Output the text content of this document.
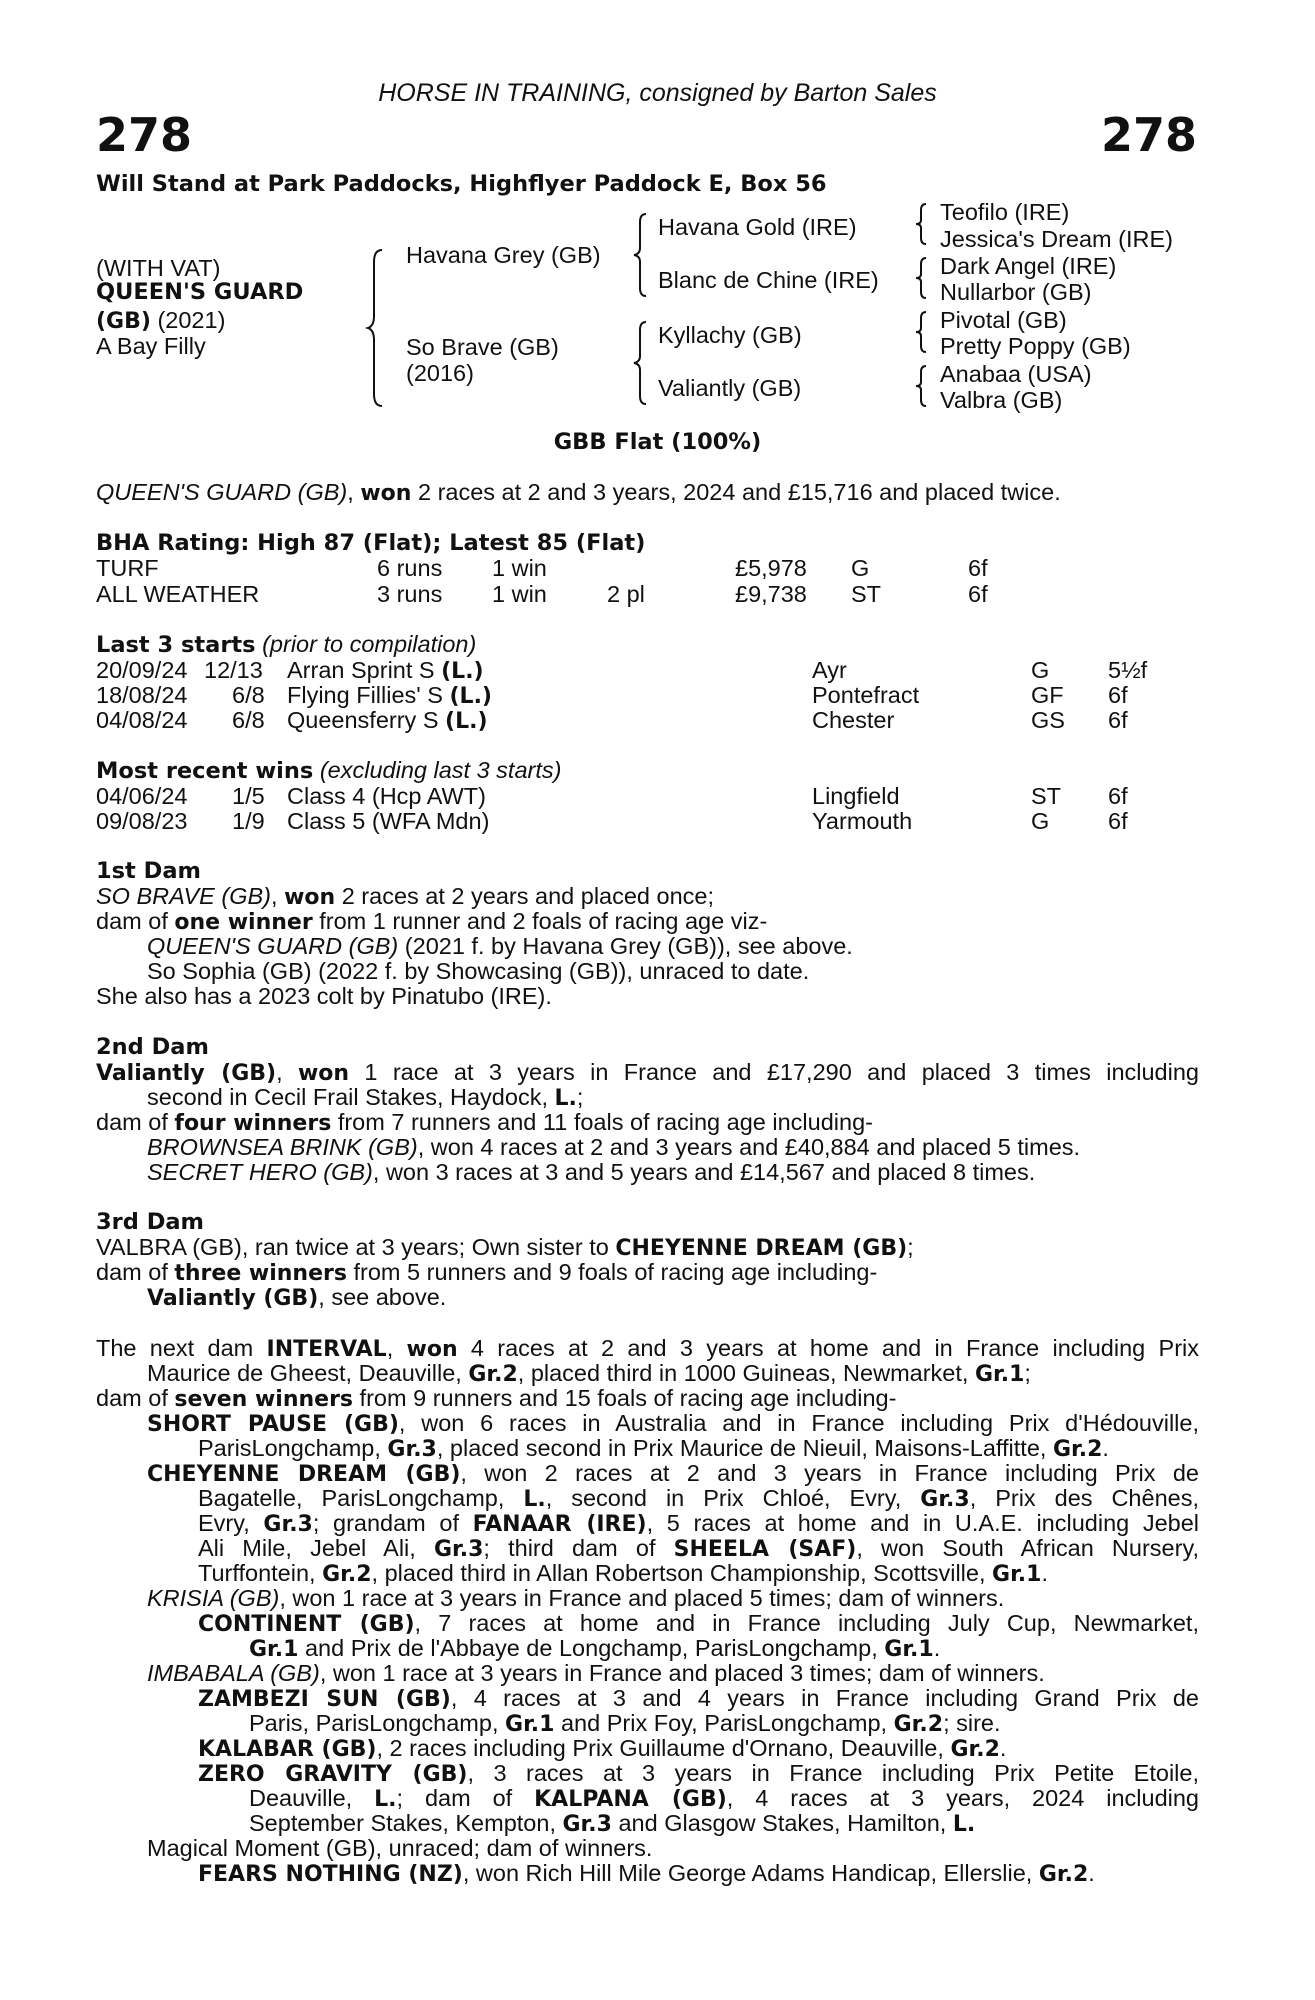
HORSE IN TRAINING, consigned by Barton Sales
278	278
Will Stand at Park Paddocks, Highflyer Paddock E, Box 56
(WITH VAT)
QUEEN'S GUARD
(GB) (2021)
A Bay Filly
Havana Grey (GB)
So Brave (GB)
(2016)
Havana Gold (IRE)
Blanc de Chine (IRE)
Kyllachy (GB)
Valiantly (GB)
Teofilo (IRE)
Jessica's Dream (IRE)
Dark Angel (IRE)
Nullarbor (GB)
Pivotal (GB)
Pretty Poppy (GB)
Anabaa (USA)
Valbra (GB)
GBB Flat (100%)
QUEEN'S GUARD (GB), won 2 races at 2 and 3 years, 2024 and £15,716 and placed twice.
BHA Rating: High 87 (Flat); Latest 85 (Flat)
TURF	6 runs 1 win	£5,978 G	6f
ALL WEATHER	3 runs 1 win	2 pl	£9,738 ST	6f
Last 3 starts (prior to compilation)
20/09/24 12/13 Arran Sprint S (L.)	Ayr	G 5½f
18/08/24 6/8 Flying Fillies' S (L.)	Pontefract	GF 6f
04/08/24 6/8 Queensferry S (L.)	Chester	GS 6f
Most recent wins (excluding last 3 starts)
04/06/24 1/5 Class 4 (Hcp AWT)	Lingfield	ST 6f
09/08/23 1/9 Class 5 (WFA Mdn)	Yarmouth	G 6f
1st Dam
SO BRAVE (GB), won 2 races at 2 years and placed once;
dam of one winner from 1 runner and 2 foals of racing age viz-
QUEEN'S GUARD (GB) (2021 f. by Havana Grey (GB)), see above.
So Sophia (GB) (2022 f. by Showcasing (GB)), unraced to date.
She also has a 2023 colt by Pinatubo (IRE).
2nd Dam
Valiantly (GB), won 1 race at 3 years in France and £17,290 and placed 3 times including
second in Cecil Frail Stakes, Haydock, L.;
dam of four winners from 7 runners and 11 foals of racing age including-
BROWNSEA BRINK (GB), won 4 races at 2 and 3 years and £40,884 and placed 5 times.
SECRET HERO (GB), won 3 races at 3 and 5 years and £14,567 and placed 8 times.
3rd Dam
VALBRA (GB), ran twice at 3 years; Own sister to CHEYENNE DREAM (GB);
dam of three winners from 5 runners and 9 foals of racing age including-
Valiantly (GB), see above.
The next dam INTERVAL, won 4 races at 2 and 3 years at home and in France including Prix
Maurice de Gheest, Deauville, Gr.2, placed third in 1000 Guineas, Newmarket, Gr.1;
dam of seven winners from 9 runners and 15 foals of racing age including-
SHORT PAUSE (GB), won 6 races in Australia and in France including Prix d'Hédouville,
ParisLongchamp, Gr.3, placed second in Prix Maurice de Nieuil, Maisons-Laffitte, Gr.2.
CHEYENNE DREAM (GB), won 2 races at 2 and 3 years in France including Prix de
Bagatelle, ParisLongchamp, L., second in Prix Chloé, Evry, Gr.3, Prix des Chênes,
Evry, Gr.3; grandam of FANAAR (IRE), 5 races at home and in U.A.E. including Jebel
Ali Mile, Jebel Ali, Gr.3; third dam of SHEELA (SAF), won South African Nursery,
Turffontein, Gr.2, placed third in Allan Robertson Championship, Scottsville, Gr.1.
KRISIA (GB), won 1 race at 3 years in France and placed 5 times; dam of winners.
CONTINENT (GB), 7 races at home and in France including July Cup, Newmarket,
Gr.1 and Prix de l'Abbaye de Longchamp, ParisLongchamp, Gr.1.
IMBABALA (GB), won 1 race at 3 years in France and placed 3 times; dam of winners.
ZAMBEZI SUN (GB), 4 races at 3 and 4 years in France including Grand Prix de
Paris, ParisLongchamp, Gr.1 and Prix Foy, ParisLongchamp, Gr.2; sire.
KALABAR (GB), 2 races including Prix Guillaume d'Ornano, Deauville, Gr.2.
ZERO GRAVITY (GB), 3 races at 3 years in France including Prix Petite Etoile,
Deauville, L.; dam of KALPANA (GB), 4 races at 3 years, 2024 including
September Stakes, Kempton, Gr.3 and Glasgow Stakes, Hamilton, L.
Magical Moment (GB), unraced; dam of winners.
FEARS NOTHING (NZ), won Rich Hill Mile George Adams Handicap, Ellerslie, Gr.2.
